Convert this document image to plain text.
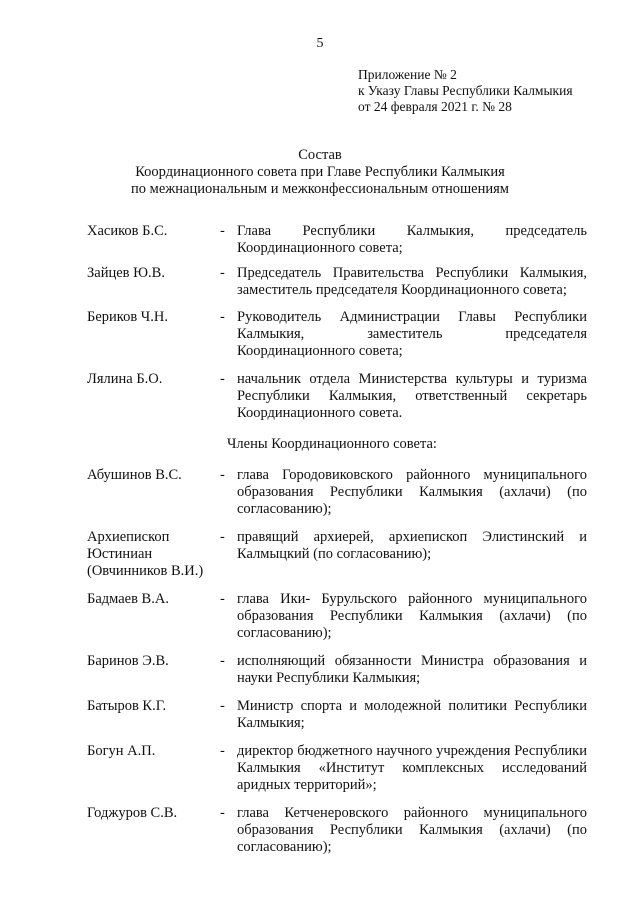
5
Приложение № 2
к Указу Главы Республики Калмыкия
от 24 февраля 2021 г. № 28
Состав
Координационного совета при Главе Республики Калмыкия
по межнациональным и межконфессиональным отношениям
Хасиков Б.С.	- Глава Республики Калмыкия, председатель Координационного совета;
Зайцев Ю.В.	- Председатель Правительства Республики Калмыкия, заместитель председателя Координационного совета;
Бериков Ч.Н.	- Руководитель Администрации Главы Республики Калмыкия, заместитель председателя Координационного совета;
Лялина Б.О.	- начальник отдела Министерства культуры и туризма Республики Калмыкия, ответственный секретарь Координационного совета.
Члены Координационного совета:
Абушинов В.С.	- глава Городовиковского районного муниципального образования Республики Калмыкия (ахлачи) (по согласованию);
Архиепископ Юстиниан (Овчинников В.И.)
- правящий архиерей, архиепископ Элистинский и Калмыцкий (по согласованию);
Бадмаев В.А.	- глава Ики- Бурульского районного муниципального образования Республики Калмыкия (ахлачи) (по согласованию);
Баринов Э.В.	- исполняющий обязанности Министра образования и науки Республики Калмыкия;
Батыров К.Г.	- Министр спорта и молодежной политики Республики Калмыкия;
Богун А.П.	- директор бюджетного научного учреждения Республики Калмыкия «Институт комплексных исследований аридных территорий»;
Годжуров С.В.	- глава Кетченеровского районного муниципального образования Республики Калмыкия (ахлачи) (по согласованию);
